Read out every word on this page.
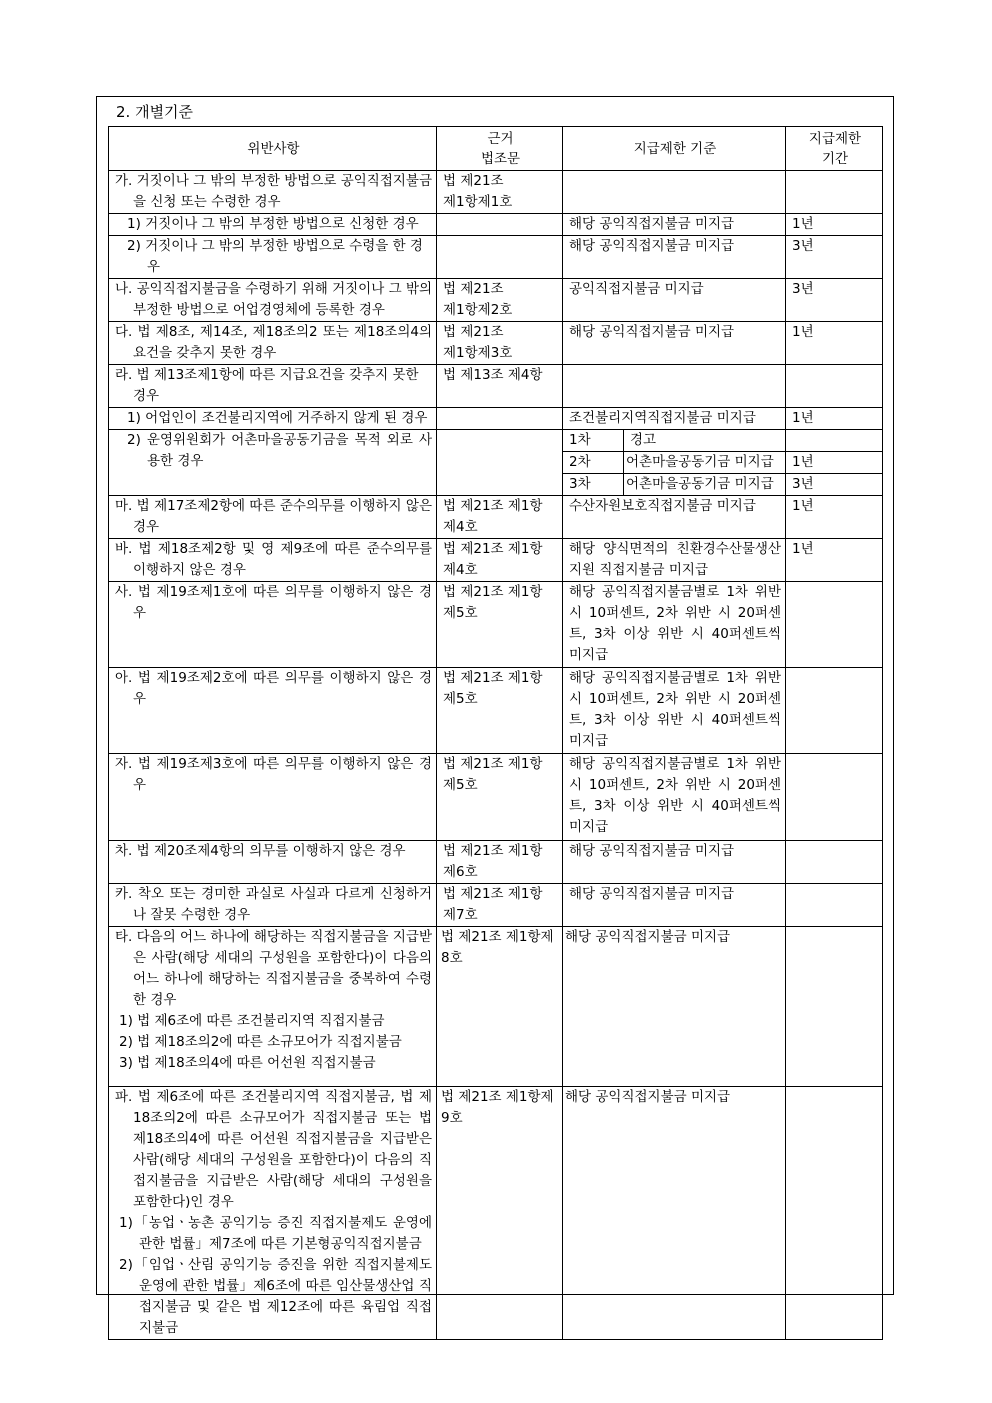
2. 개별기준
위반사항	근거
법조문	지급제한 기준		지급제한
기간
가. 거짓이나 그 밖의 부정한 방법으로 공익직접지불금을 신청 또는 수령한 경우	법 제21조
제1항제1호			
1) 거짓이나 그 밖의 부정한 방법으로 신청한 경우		해당 공익직접지불금 미지급		1년
2) 거짓이나 그 밖의 부정한 방법으로 수령을 한 경우		해당 공익직접지불금 미지급		3년
나. 공익직접지불금을 수령하기 위해 거짓이나 그 밖의 부정한 방법으로 어업경영체에 등록한 경우	법 제21조
제1항제2호	공익직접지불금 미지급		3년
다. 법 제8조, 제14조, 제18조의2 또는 제18조의4의 요건을 갖추지 못한 경우	법 제21조
제1항제3호	해당 공익직접지불금 미지급		1년
라. 법 제13조제1항에 따른 지급요건을 갖추지 못한 경우	법 제13조 제4항			
1) 어업인이 조건불리지역에 거주하지 않게 된 경우		조건불리지역직접지불금 미지급		1년
2) 운영위원회가 어촌마을공동기금을 목적 외로 사용한 경우		1차	경고	
		2차	어촌마을공동기금 미지급	1년
		3차	어촌마을공동기금 미지급	3년
마. 법 제17조제2항에 따른 준수의무를 이행하지 않은 경우	법 제21조 제1항
제4호	수산자원보호직접지불금 미지급		1년
바. 법 제18조제2항 및 영 제9조에 따른 준수의무를 이행하지 않은 경우	법 제21조 제1항
제4호	해당 양식면적의 친환경수산물생산지원 직접지불금 미지급		1년
사. 법 제19조제1호에 따른 의무를 이행하지 않은 경우	법 제21조 제1항
제5호	해당 공익직접지불금별로 1차 위반 시 10퍼센트, 2차 위반 시 20퍼센트, 3차 이상 위반 시 40퍼센트씩 미지급		
아. 법 제19조제2호에 따른 의무를 이행하지 않은 경우	법 제21조 제1항
제5호	해당 공익직접지불금별로 1차 위반 시 10퍼센트, 2차 위반 시 20퍼센트, 3차 이상 위반 시 40퍼센트씩 미지급		
자. 법 제19조제3호에 따른 의무를 이행하지 않은 경우	법 제21조 제1항
제5호	해당 공익직접지불금별로 1차 위반 시 10퍼센트, 2차 위반 시 20퍼센트, 3차 이상 위반 시 40퍼센트씩 미지급		
차. 법 제20조제4항의 의무를 이행하지 않은 경우	법 제21조 제1항
제6호	해당 공익직접지불금 미지급		
카. 착오 또는 경미한 과실로 사실과 다르게 신청하거나 잘못 수령한 경우	법 제21조 제1항
제7호	해당 공익직접지불금 미지급		

타. 다음의 어느 하나에 해당하는 직접지불금을 지급받은 사람(해당 세대의 구성원을 포함한다)이 다음의 어느 하나에 해당하는 직접지불금을 중복하여 수령한 경우
1) 법 제6조에 따른 조건불리지역 직접지불금
2) 법 제18조의2에 따른 소규모어가 직접지불금
3) 법 제18조의4에 따른 어선원 직접지불금	법 제21조 제1항제8호	해당 공익직접지불금 미지급		

파. 법 제6조에 따른 조건불리지역 직접지불금, 법 제18조의2에 따른 소규모어가 직접지불금 또는 법 제18조의4에 따른 어선원 직접지불금을 지급받은 사람(해당 세대의 구성원을 포함한다)이 다음의 직접지불금을 지급받은 사람(해당 세대의 구성원을 포함한다)인 경우
1)「농업ㆍ농촌 공익기능 증진 직접지불제도 운영에 관한 법률」제7조에 따른 기본형공익직접지불금
2)「임업ㆍ산림 공익기능 증진을 위한 직접지불제도 운영에 관한 법률」제6조에 따른 임산물생산업 직접지불금 및 같은 법 제12조에 따른 육림업 직접지불금	법 제21조 제1항제9호	해당 공익직접지불금 미지급		
